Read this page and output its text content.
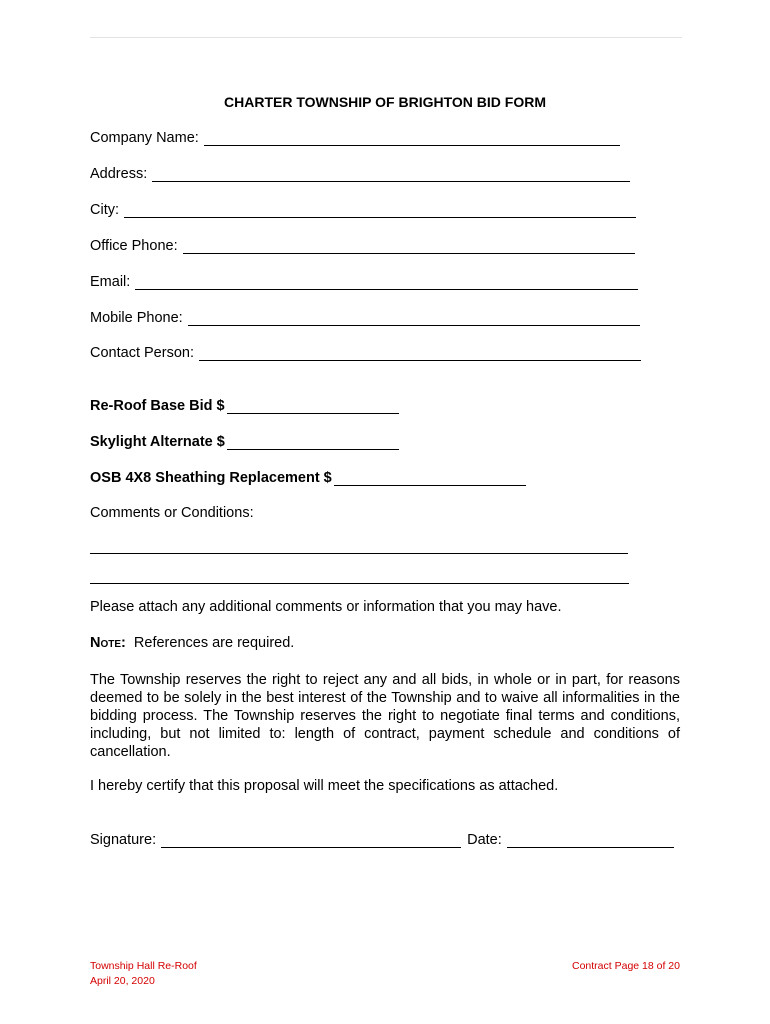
CHARTER TOWNSHIP OF BRIGHTON BID FORM
Company Name:
Address:
City:
Office Phone:
Email:
Mobile Phone:
Contact Person:
Re-Roof Base Bid $
Skylight Alternate $
OSB 4X8 Sheathing Replacement $
Comments or Conditions:
Please attach any additional comments or information that you may have.
Note: References are required.
The Township reserves the right to reject any and all bids, in whole or in part, for reasons deemed to be solely in the best interest of the Township and to waive all informalities in the bidding process. The Township reserves the right to negotiate final terms and conditions, including, but not limited to: length of contract, payment schedule and conditions of cancellation.
I hereby certify that this proposal will meet the specifications as attached.
Signature:	Date:
Township Hall Re-Roof
April 20, 2020
Contract Page 18 of 20
